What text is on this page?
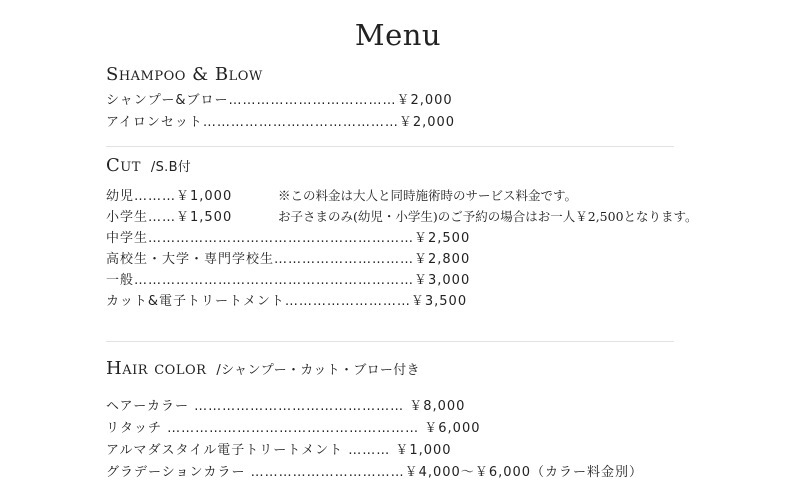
Menu
Shampoo & Blow
シャンプー&ブロー………………………………￥2,000
アイロンセット……………………………………￥2,000
Cut /S.B付
幼児………￥1,000
小学生……￥1,500
中学生…………………………………………………￥2,500
高校生・大学・専門学校生…………………………￥2,800
一般……………………………………………………￥3,000
カット&電子トリートメント………………………￥3,500
※この料金は大人と同時施術時のサービス料金です。
お子さまのみ(幼児・小学生)のご予約の場合はお一人￥2,500となります。
Hair color /シャンプー・カット・ブロー付き
ヘアーカラー ……………………………………… ￥8,000
リタッチ ……………………………………………… ￥6,000
アルマダスタイル電子トリートメント ……… ￥1,000
グラデーションカラー ……………………………￥4,000〜￥6,000（カラー料金別）
